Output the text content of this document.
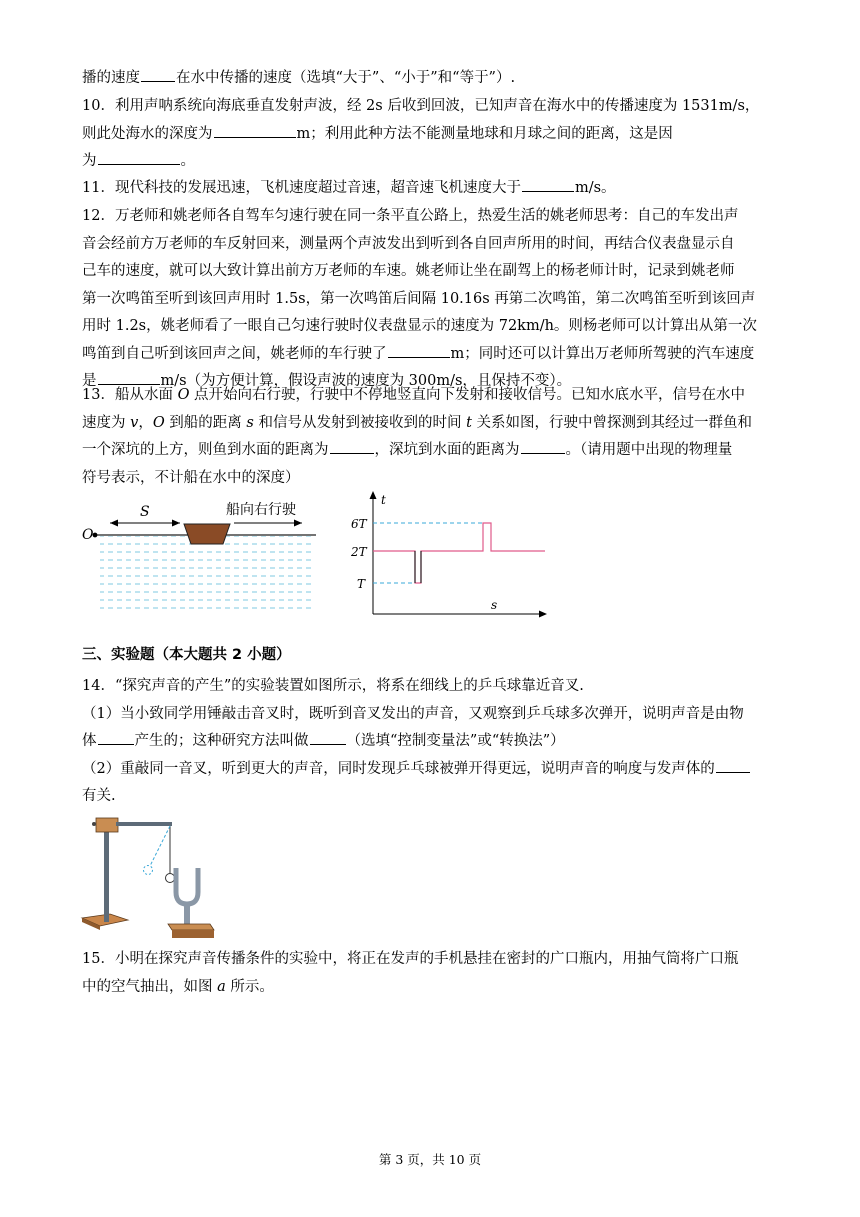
播的速度 在水中传播的速度（选填“大于”、“小于”和“等于”）.
10．利用声呐系统向海底垂直发射声波，经 2s 后收到回波，已知声音在海水中的传播速度为 1531m/s，
则此处海水的深度为	m；利用此种方法不能测量地球和月球之间的距离，这是因
为	。
11．现代科技的发展迅速，飞机速度超过音速，超音速飞机速度大于	m/s。
12．万老师和姚老师各自驾车匀速行驶在同一条平直公路上，热爱生活的姚老师思考：自己的车发出声
音会经前方万老师的车反射回来，测量两个声波发出到听到各自回声所用的时间，再结合仪表盘显示自
己车的速度，就可以大致计算出前方万老师的车速。姚老师让坐在副驾上的杨老师计时，记录到姚老师
第一次鸣笛至听到该回声用时 1.5s，第一次鸣笛后间隔 10.16s 再第二次鸣笛，第二次鸣笛至听到该回声
用时 1.2s，姚老师看了一眼自己匀速行驶时仪表盘显示的速度为 72km/h。则杨老师可以计算出从第一次
鸣笛到自己听到该回声之间，姚老师的车行驶了	m；同时还可以计算出万老师所驾驶的汽车速度
是	m/s（为方便计算，假设声波的速度为 300m/s，且保持不变）。
13．船从水面 O 点开始向右行驶，行驶中不停地竖直向下发射和接收信号。已知水底水平，信号在水中
速度为 v，O 到船的距离 s 和信号从发射到被接收到的时间 t 关系如图，行驶中曾探测到其经过一群鱼和
一个深坑的上方，则鱼到水面的距离为	，深坑到水面的距离为	。（请用题中出现的物理量
符号表示，不计船在水中的深度）
O
S	船向右行驶
t
s
6T
2T
T
三、实验题（本大题共 2 小题）
14．“探究声音的产生”的实验装置如图所示，将系在细线上的乒乓球靠近音叉.
（1）当小致同学用锤敲击音叉时，既听到音叉发出的声音，又观察到乒乓球多次弹开，说明声音是由物
体	产生的；这种研究方法叫做	（选填“控制变量法”或“转换法”）
（2）重敲同一音叉，听到更大的声音，同时发现乒乓球被弹开得更远，说明声音的响度与发声体的
有关.
15．小明在探究声音传播条件的实验中，将正在发声的手机悬挂在密封的广口瓶内，用抽气筒将广口瓶
中的空气抽出，如图 a 所示。
第 3 页，共 10 页
